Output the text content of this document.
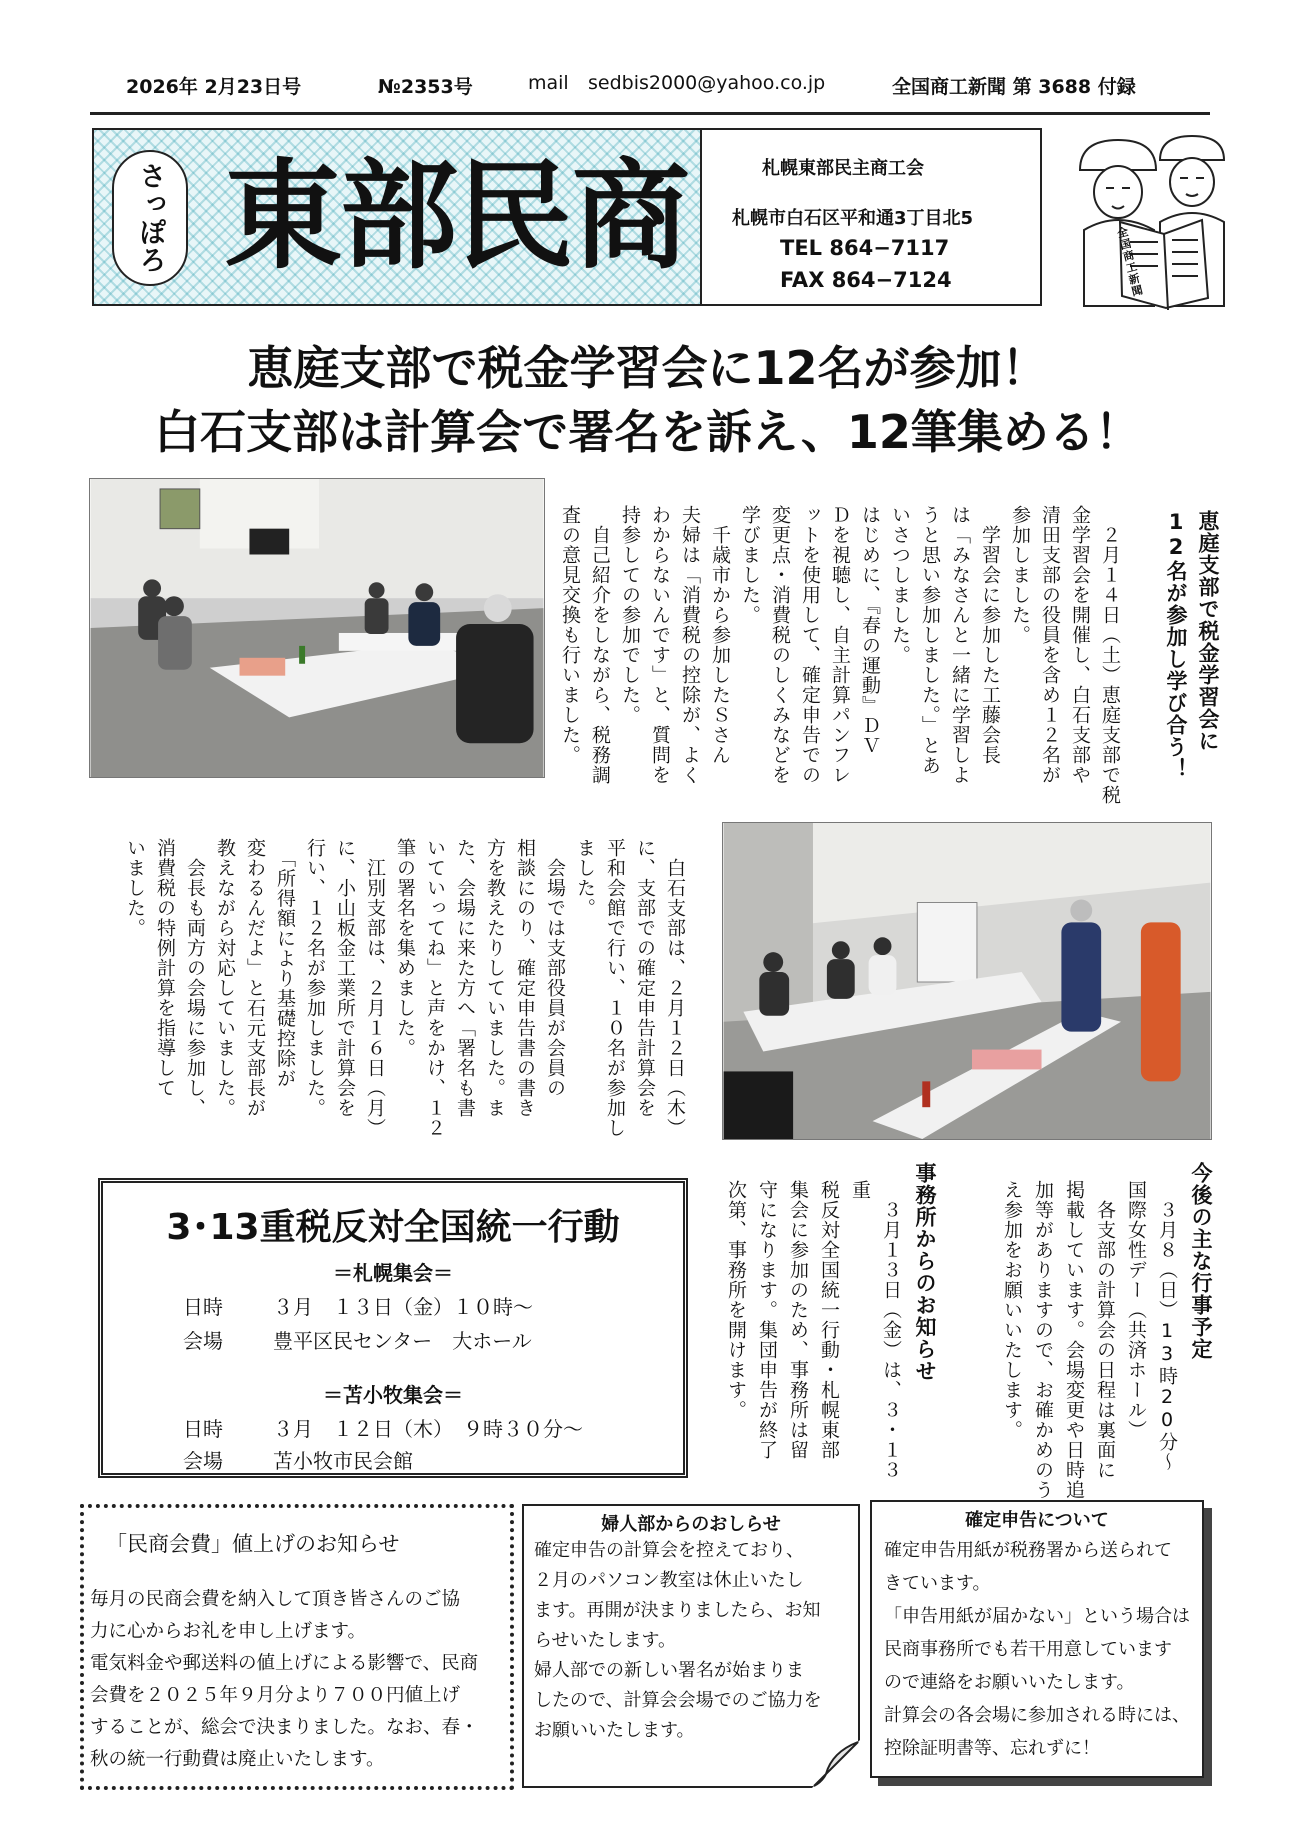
2026年 2月23日号	№2353号	mail sedbis2000@yahoo.co.jp	全国商工新聞 第 3688 付録
さっぽろ 東部民商	札幌東部民主商工会
札幌市白石区平和通3丁目北5
TEL 864−7117
FAX 864−7124	全国商工新聞
恵庭支部で税金学習会に12名が参加！
白石支部は計算会で署名を訴え、12筆集める！
恵庭支部で税金学習会に
12名が参加し学び合う！
　２月１４日（土）恵庭支部で税
金学習会を開催し、白石支部や
清田支部の役員を含め１２名が
参加しました。
　学習会に参加した工藤会長
は「みなさんと一緒に学習しよ
うと思い参加しました。」とあ
いさつしました。
はじめに、『春の運動』ＤＶ
Ｄを視聴し、自主計算パンフレ
ットを使用して、確定申告での
変更点・消費税のしくみなどを
学びました。
　千歳市から参加したＳさん
夫婦は「消費税の控除が、よく
わからないんです」と、質問を
持参しての参加でした。
　自己紹介をしながら、税務調
査の意見交換も行いました。
　白石支部は、２月１２日（木）
に、支部での確定申告計算会を
平和会館で行い、１０名が参加し
ました。
　会場では支部役員が会員の
相談にのり、確定申告書の書き
方を教えたりしていました。ま
た、会場に来た方へ「署名も書
いていってね」と声をかけ、１２
筆の署名を集めました。
　江別支部は、２月１６日（月）
に、小山板金工業所で計算会を
行い、１２名が参加しました。
　「所得額により基礎控除が
変わるんだよ」と石元支部長が
教えながら対応していました。
　会長も両方の会場に参加し、
消費税の特例計算を指導して
いました。
3･13重税反対全国統一行動
＝札幌集会＝
日時	３月　１３日（金）１０時〜
会場	豊平区民センター　大ホール
＝苫小牧集会＝
日時	３月　１２日（木）　９時３０分〜
会場	苫小牧市民会館
今後の主な行事予定
　３月８（日）13時20分〜
国際女性デー（共済ホール）
　各支部の計算会の日程は裏面に
掲載しています。会場変更や日時追
加等がありますので、お確かめのう
え参加をお願いいたします。
事務所からのお知らせ
　３月１３日（金）は、３・１３重
税反対全国統一行動・札幌東部
集会に参加のため、事務所は留
守になります。集団申告が終了
次第、事務所を開けます。
「民商会費」値上げのお知らせ
毎月の民商会費を納入して頂き皆さんのご協
力に心からお礼を申し上げます。
電気料金や郵送料の値上げによる影響で、民商
会費を２０２５年９月分より７００円値上げ
することが、総会で決まりました。なお、春・
秋の統一行動費は廃止いたします。
婦人部からのおしらせ
確定申告の計算会を控えており、
２月のパソコン教室は休止いたし
ます。再開が決まりましたら、お知
らせいたします。
婦人部での新しい署名が始まりま
したので、計算会会場でのご協力を
お願いいたします。
確定申告について
確定申告用紙が税務署から送られて
きています。
「申告用紙が届かない」という場合は
民商事務所でも若干用意しています
ので連絡をお願いいたします。
計算会の各会場に参加される時には、
控除証明書等、忘れずに！
